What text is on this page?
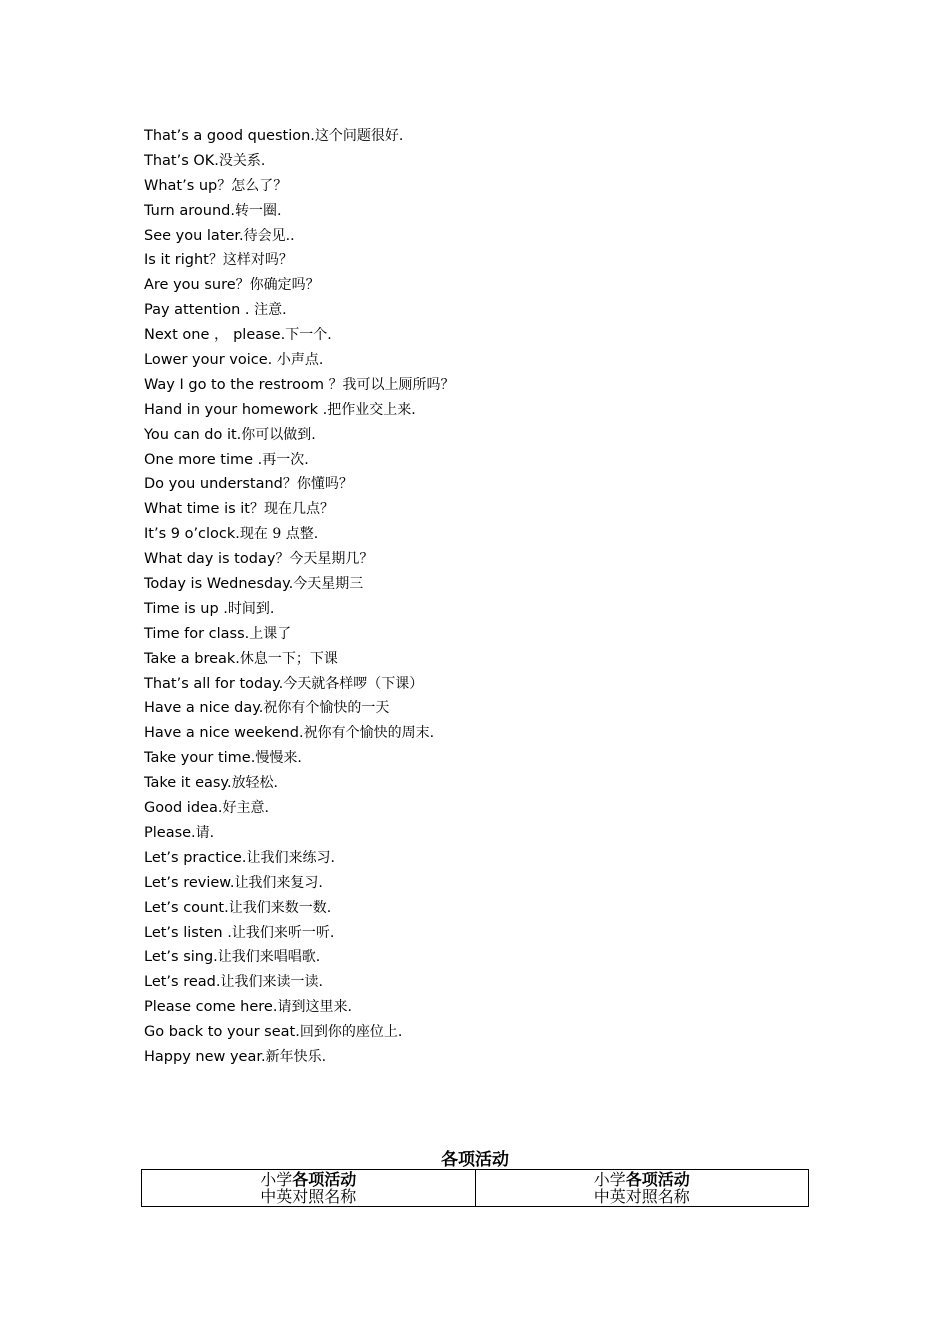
That’s a good question.这个问题很好.
That’s OK.没关系.
What’s up？怎么了？
Turn around.转一圈.
See you later.待会见..
Is it right？这样对吗？
Are you sure？你确定吗？
Pay attention . 注意.
Next one ， please.下一个.
Lower your voice. 小声点.
Way I go to the restroom ？我可以上厕所吗？
Hand in your homework .把作业交上来.
You can do it.你可以做到.
One more time .再一次.
Do you understand？你懂吗？
What time is it？现在几点？
It’s 9 o’clock.现在 9 点整.
What day is today？今天星期几？
Today is Wednesday.今天星期三
Time is up .时间到.
Time for class.上课了
Take a break.休息一下；下课
That’s all for today.今天就各样啰（下课）
Have a nice day.祝你有个愉快的一天
Have a nice weekend.祝你有个愉快的周末.
Take your time.慢慢来.
Take it easy.放轻松.
Good idea.好主意.
Please.请.
Let’s practice.让我们来练习.
Let’s review.让我们来复习.
Let’s count.让我们来数一数.
Let’s listen .让我们来听一听.
Let’s sing.让我们来唱唱歌.
Let’s read.让我们来读一读.
Please come here.请到这里来.
Go back to your seat.回到你的座位上.
Happy new year.新年快乐.
各项活动
小学各项活动
中英对照名称
小学各项活动
中英对照名称
